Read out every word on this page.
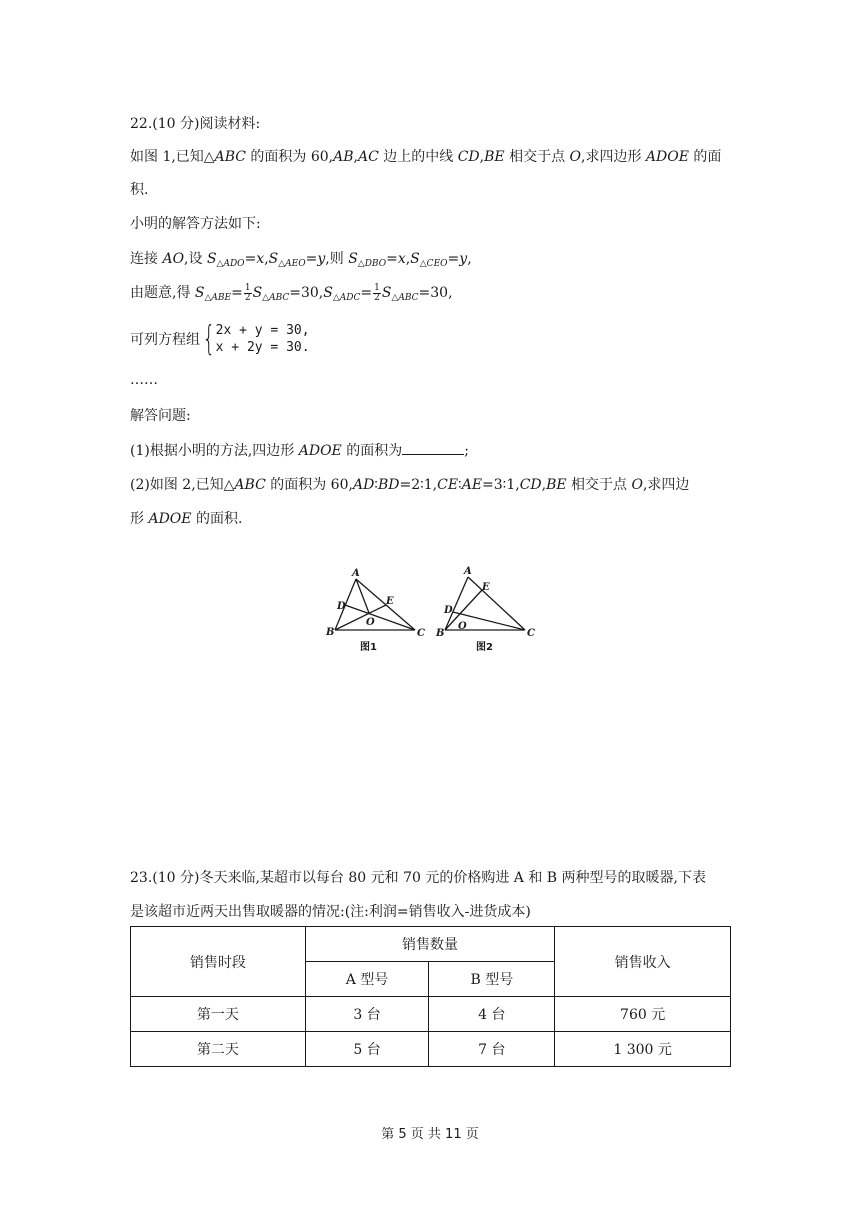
22.(10 分)阅读材料:
如图 1,已知△ABC 的面积为 60,AB,AC 边上的中线 CD,BE 相交于点 O,求四边形 ADOE 的面
积.
小明的解答方法如下:
连接 AO,设 $S_{\triangle ADO}=x,S_{\triangle AEO}=y$,则 $S_{\triangle DBO}=x,S_{\triangle CEO}=y$,
由题意,得 $S_{\triangle ABE}= \frac{1}{2} S_{\triangle ABC}=30,S_{\triangle ADC}= \frac{1}{2} S_{\triangle ABC}=30$,
可列方程组{ 2x + y = 30,
x + 2y = 30.
……
解答问题:
(1)根据小明的方法,四边形 ADOE 的面积为	;
(2)如图 2,已知△ABC 的面积为 60,AD∶BD=2∶1,CE∶AE=3∶1,CD,BE 相交于点 O,求四边
形 ADOE 的面积.
A
B	C
D	E
O
图1
A
B	C
D
E
O
图2
23.(10 分)冬天来临,某超市以每台 80 元和 70 元的价格购进 A 和 B 两种型号的取暖器,下表
是该超市近两天出售取暖器的情况:(注:利润=销售收入-进货成本)
销售时段	销售数量		销售收入
	A 型号	B 型号	
第一天	3 台	4 台	760 元
第二天	5 台	7 台	1 300 元
第 5 页 共 11 页
